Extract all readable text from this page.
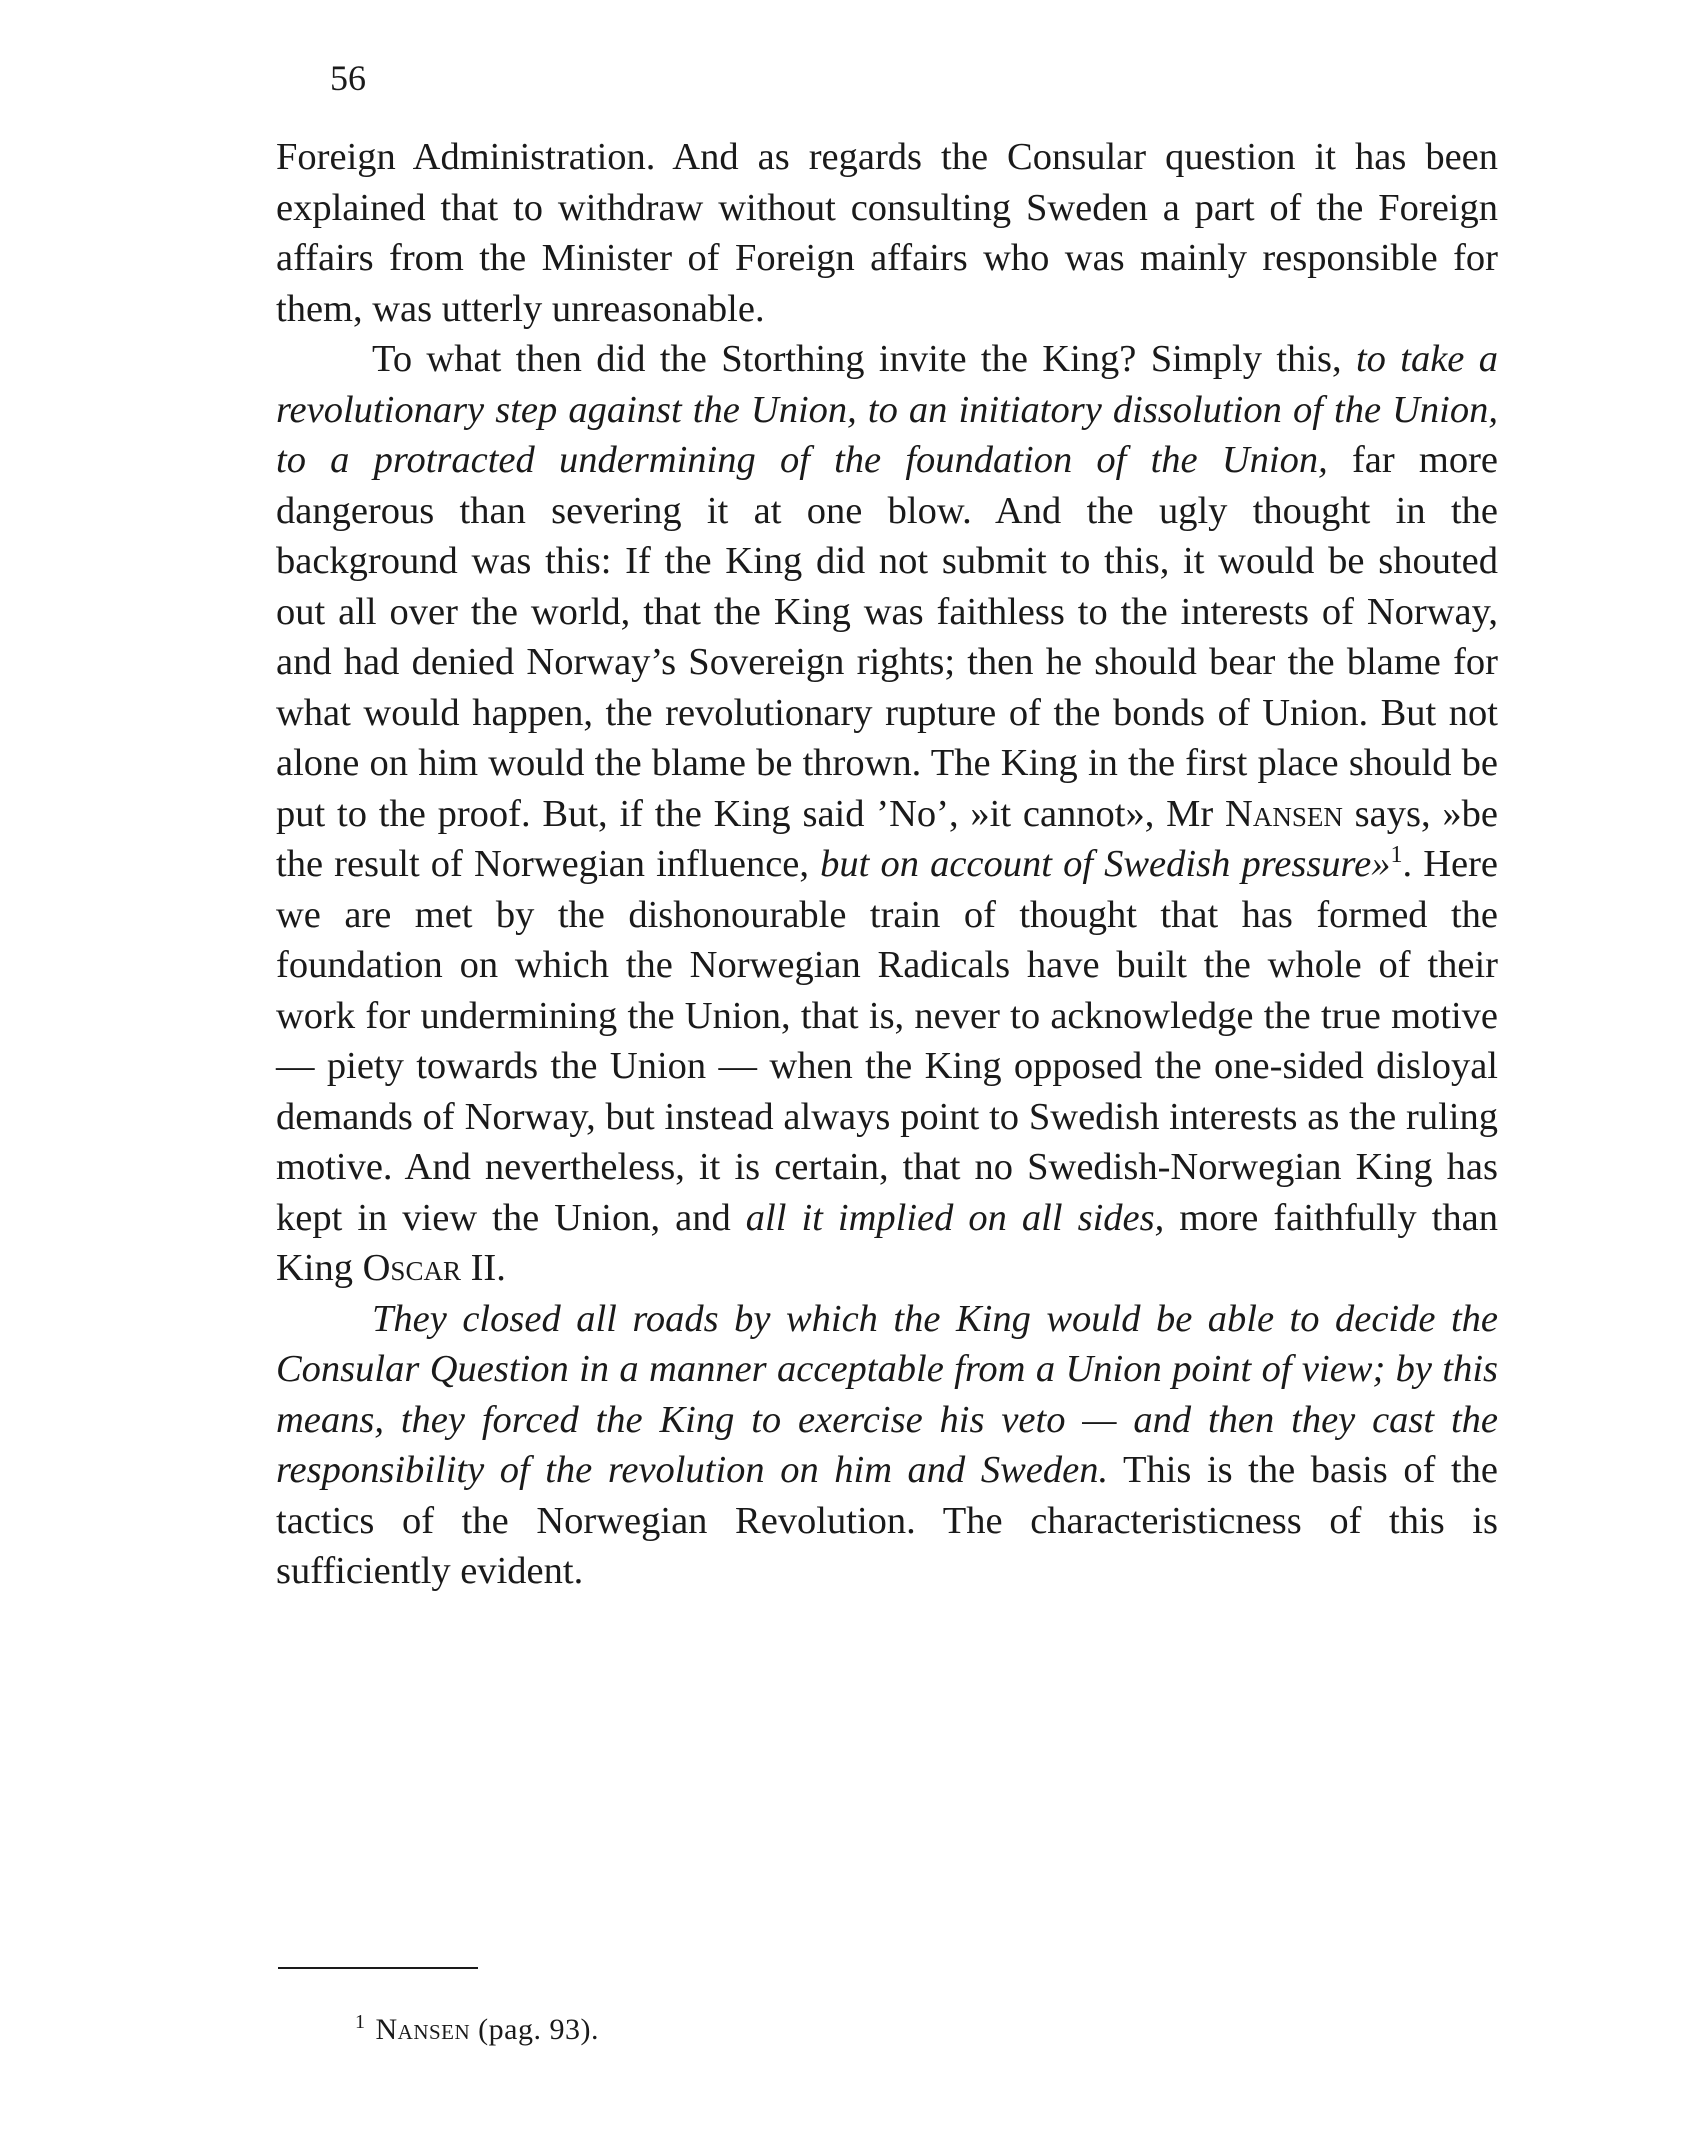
56

Foreign Administration. And as regards the Consular question it has been explained that to withdraw without consulting Sweden a part of the Foreign affairs from the Minister of Foreign affairs who was mainly responsible for them, was utterly unreasonable.

To what then did the Storthing invite the King? Simply this, to take a revolutionary step against the Union, to an initiatory dissolution of the Union, to a protracted undermining of the foundation of the Union, far more dangerous than severing it at one blow. And the ugly thought in the background was this: If the King did not submit to this, it would be shouted out all over the world, that the King was faithless to the interests of Norway, and had denied Norway’s Sovereign rights; then he should bear the blame for what would happen, the revolutionary rupture of the bonds of Union. But not alone on him would the blame be thrown. The King in the first place should be put to the proof. But, if the King said ’No’, »it cannot», Mr Nansen says, »be the result of Norwegian influence, but on account of Swedish pressure»$^1$. Here we are met by the dishonourable train of thought that has formed the foundation on which the Norwegian Radicals have built the whole of their work for undermining the Union, that is, never to acknowledge the true motive — piety towards the Union — when the King opposed the one-sided disloyal demands of Norway, but instead always point to Swedish interests as the ruling motive. And nevertheless, it is certain, that no Swedish-Norwegian King has kept in view the Union, and all it implied on all sides, more faithfully than King Oscar II.

They closed all roads by which the King would be able to decide the Consular Question in a manner acceptable from a Union point of view; by this means, they forced the King to exercise his veto — and then they cast the responsibility of the revolution on him and Sweden. This is the basis of the tactics of the Norwegian Revolution. The characteristicness of this is sufficiently evident.

$^1$ Nansen (pag. 93).
